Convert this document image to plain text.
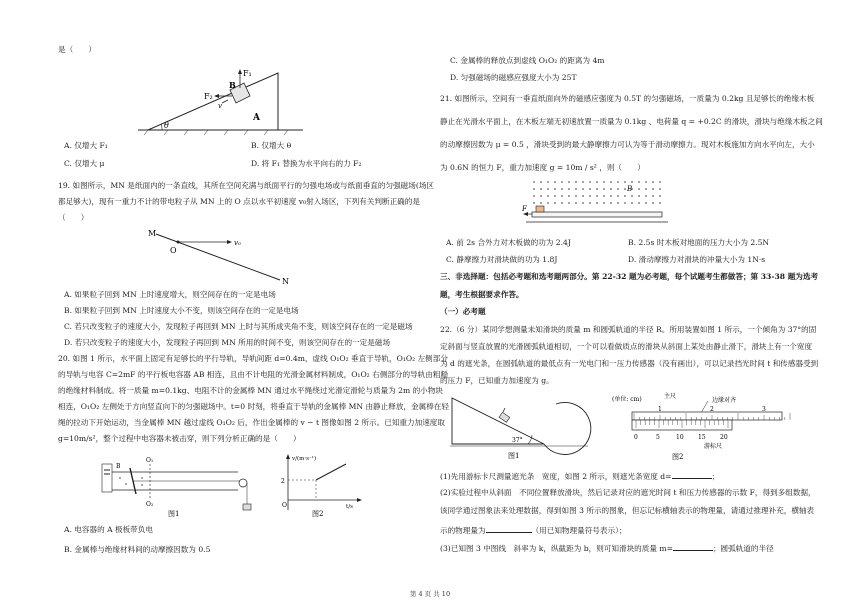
是（　　）
F₁
F₂
B
v
A
θ
A. 仅增大 F₁	B. 仅增大 θ
C. 仅增大 μ	D. 将 F₁ 替换为水平向右的力 F₂
19. 如图所示，MN 是纸面内的一条直线，其所在空间充满与纸面平行的匀强电场或与纸面垂直的匀强磁场(场区
都足够大)，现有一重力不计的带电粒子从 MN 上的 O 点以水平初速度 v₀射入场区，下列有关判断正确的是
（　　）
M
O
N
v₀
A. 如果粒子回到 MN 上时速度增大，则空间存在的一定是电场
B. 如果粒子回到 MN 上时速度大小不变，则该空间存在的一定是电场
C. 若只改变粒子的速度大小，发现粒子再回到 MN 上时与其所成夹角不变，则该空间存在的一定是磁场
D. 若只改变粒子的速度大小，发现粒子再回到 MN 所用的时间不变，则该空间存在的一定是磁场
20. 如图 1 所示，水平面上固定有足够长的平行导轨，导轨间距 d=0.4m，虚线 O₁O₂ 垂直于导轨，O₁O₂ 左侧部分
的导轨与电容 C=2mF 的平行板电容器 AB 相连，且由不计电阻的光滑金属材料制成，O₁O₂ 右侧部分的导轨由粗糙
的绝缘材料制成。将一质量 m=0.1kg、电阻不计的金属棒 MN 通过水平绳绕过光滑定滑轮与质量为 2m 的小物块
相连，O₁O₂ 左侧处于方向竖直向下的匀强磁场中。t=0 时刻，将垂直于导轨的金属棒 MN 由静止释放，金属棒在轻
绳的拉动下开始运动，当金属棒 MN 越过虚线 O₁O₂ 后，作出金属棒的 v − t 图像如图 2 所示。已知重力加速度取
g=10m/s²，整个过程中电容器未被击穿，则下列分析正确的是（　　）
B
O₁
O₂
图1
v/(m·s⁻¹)
t/s
O
2
图2
A. 电容器的 A 极板带负电
B. 金属棒与绝缘材料间的动摩擦因数为 0.5
C. 金属棒的释放点到虚线 O₁O₂ 的距离为 4m
D. 匀强磁场的磁感应强度大小为 25T
21. 如图所示，空间有一垂直纸面向外的磁感应强度为 0.5T 的匀强磁场，一质量为 0.2kg 且足够长的绝缘木板
静止在光滑水平面上，在木板左端无初速放置一质量为 0.1kg 、电荷量 q = +0.2C 的滑块，滑块与绝缘木板之间
的动摩擦因数为 μ = 0.5 ，滑块受到的最大静摩擦力可认为等于滑动摩擦力。现对木板施加方向水平向左，大小
为 0.6N 的恒力 F，重力加速度 g = 10m / s² ，则（　　）
F
B
A. 前 2s 合外力对木板做的功为 2.4J	B. 2.5s 时木板对地面的压力大小为 2.5N
C. 静摩擦力对滑块做的功为 1.8J	D. 滑动摩擦力对滑块的冲量大小为 1N·s
三、非选择题：包括必考题和选考题两部分。第 22-32 题为必考题，每个试题考生都做答；第 33-38 题为选考
题，考生根据要求作答。
（一）必考题
22.（6 分）某同学想测量未知滑块的质量 m 和圆弧轨道的半径 R。所用装置如图 1 所示，一个倾角为 37°的固
定斜面与竖直放置的光滑圆弧轨道相切，一个可以看做质点的滑块从斜面上某处由静止滑下，滑块上有一个宽度
为 d 的遮光条，在圆弧轨道的最低点有一光电门和一压力传感器（没有画出），可以记录挡光时间 t 和传感器受到
的压力 F，已知重力加速度为 g。
37°
图1
(单位: cm)	主尺
边缘对齐
1	2	3
0	5	10 15 20
游标尺
图2
(1)先用游标卡尺测量遮光条　宽度，如图 2 所示，则遮光条宽度 d=	；
(2)实验过程中从斜面　不同位置释放滑块，然后记录对应的遮光时间 t 和压力传感器的示数 F，得到多组数据，
该同学通过图象法来处理数据，得到如图 3 所示的图象，但忘记标横轴表示的物理量，请通过推理补充，横轴表
示的物理量为	（用已知物理量符号表示）；
(3)已知图 3 中图线　斜率为 k，纵截距为 b，则可知滑块的质量 m=	；圆弧轨道的半径
第 4 页 共 10
